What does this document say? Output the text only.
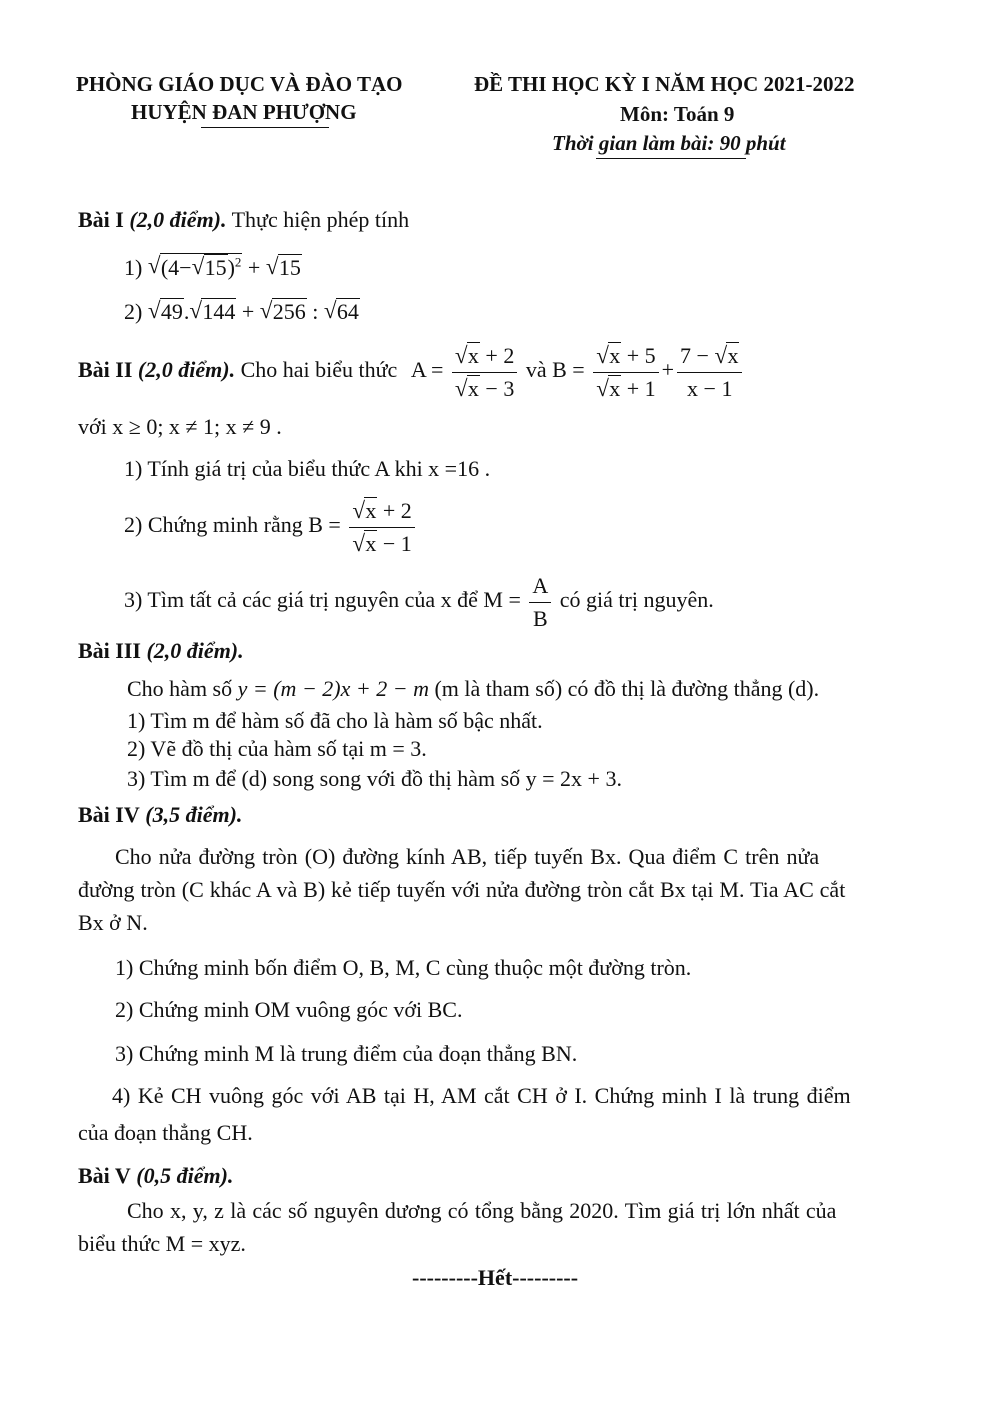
PHÒNG GIÁO DỤC VÀ ĐÀO TẠO
HUYỆN ĐAN PHƯỢNG
ĐỀ THI HỌC KỲ I NĂM HỌC 2021-2022
Môn: Toán 9
Thời gian làm bài: 90 phút
Bài I (2,0 điểm). Thực hiện phép tính
1) √ (4− √ 15)$^2$ + √ 15
2) √ 49. √ 144 + √ 256 : √ 64
Bài II (2,0 điểm). Cho hai biểu thức A = √ x + 2
√ x − 3 và B = √ x + 5
√ $x + 1 + \frac{7 - √ x}{x - 1}$
với x ≥ 0; x ≠ 1; x ≠ 9 .
1) Tính giá trị của biểu thức A khi x =16 .
2) Chứng minh rằng B = √ x + 2
√ x − 1
3) Tìm tất cả các giá trị nguyên của x để $M = \frac{A}{B}$ có giá trị nguyên.
Bài III (2,0 điểm).
Cho hàm số y = (m − 2)x + 2 − m (m là tham số) có đồ thị là đường thẳng (d).
1) Tìm m để hàm số đã cho là hàm số bậc nhất.
2) Vẽ đồ thị của hàm số tại m = 3.
3) Tìm m để (d) song song với đồ thị hàm số y = 2x + 3.
Bài IV (3,5 điểm).
Cho nửa đường tròn (O) đường kính AB, tiếp tuyến Bx. Qua điểm C trên nửa
đường tròn (C khác A và B) kẻ tiếp tuyến với nửa đường tròn cắt Bx tại M. Tia AC cắt
Bx ở N.
1) Chứng minh bốn điểm O, B, M, C cùng thuộc một đường tròn.
2) Chứng minh OM vuông góc với BC.
3) Chứng minh M là trung điểm của đoạn thẳng BN.
4) Kẻ CH vuông góc với AB tại H, AM cắt CH ở I. Chứng minh I là trung điểm
của đoạn thẳng CH.
Bài V (0,5 điểm).
Cho x, y, z là các số nguyên dương có tổng bằng 2020. Tìm giá trị lớn nhất của
biểu thức M = xyz.
---------Hết---------
